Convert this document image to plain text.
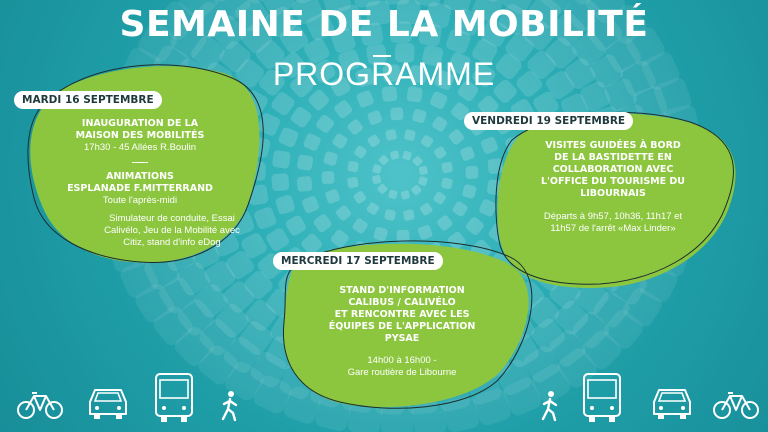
SEMAINE DE LA MOBILITÉ
PROGRAMME
MARDI 16 SEPTEMBRE
INAUGURATION DE LA
MAISON DES MOBILITÉS
17h30 - 45 Allées R.Boulin
ANIMATIONS
ESPLANADE F.MITTERRAND
Toute l'après-midi
Simulateur de conduite, Essai
Calivélo, Jeu de la Mobilité avec
Citiz, stand d'info eDog
VENDREDI 19 SEPTEMBRE
VISITES GUIDÉES À BORD
DE LA BASTIDETTE EN
COLLABORATION AVEC
L'OFFICE DU TOURISME DU
LIBOURNAIS
Départs à 9h57, 10h36, 11h17 et
11h57 de l'arrêt «Max Linder»
MERCREDI 17 SEPTEMBRE
STAND D'INFORMATION
CALIBUS / CALIVÉLO
ET RENCONTRE AVEC LES
ÉQUIPES DE L'APPLICATION
PYSAE
14h00 à 16h00 -
Gare routière de Libourne
